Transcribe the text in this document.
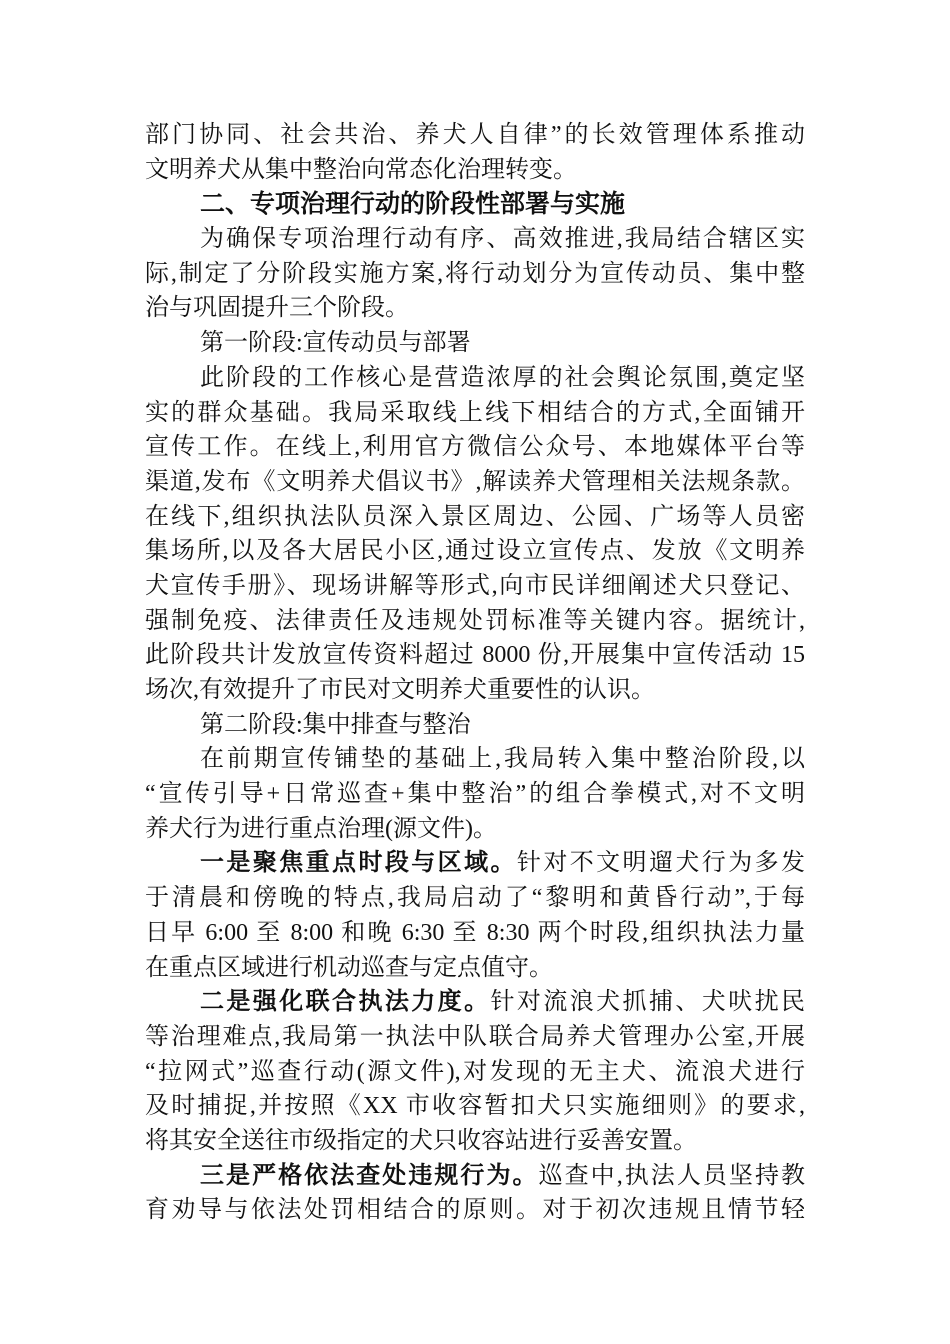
部门协同、社会共治、养犬人自律”的长效管理体系推动
文明养犬从集中整治向常态化治理转变。
二、专项治理行动的阶段性部署与实施
为确保专项治理行动有序、高效推进,我局结合辖区实
际,制定了分阶段实施方案,将行动划分为宣传动员、集中整
治与巩固提升三个阶段。
第一阶段:宣传动员与部署
此阶段的工作核心是营造浓厚的社会舆论氛围,奠定坚
实的群众基础。我局采取线上线下相结合的方式,全面铺开
宣传工作。在线上,利用官方微信公众号、本地媒体平台等
渠道,发布《文明养犬倡议书》,解读养犬管理相关法规条款。
在线下,组织执法队员深入景区周边、公园、广场等人员密
集场所,以及各大居民小区,通过设立宣传点、发放《文明养
犬宣传手册》、现场讲解等形式,向市民详细阐述犬只登记、
强制免疫、法律责任及违规处罚标准等关键内容。据统计,
此阶段共计发放宣传资料超过 8000 份,开展集中宣传活动 15
场次,有效提升了市民对文明养犬重要性的认识。
第二阶段:集中排查与整治
在前期宣传铺垫的基础上,我局转入集中整治阶段,以
“宣传引导+日常巡查+集中整治”的组合拳模式,对不文明
养犬行为进行重点治理(源文件)。
一是聚焦重点时段与区域。针对不文明遛犬行为多发
于清晨和傍晚的特点,我局启动了“黎明和黄昏行动”,于每
日早 6:00 至 8:00 和晚 6:30 至 8:30 两个时段,组织执法力量
在重点区域进行机动巡查与定点值守。
二是强化联合执法力度。针对流浪犬抓捕、犬吠扰民
等治理难点,我局第一执法中队联合局养犬管理办公室,开展
“拉网式”巡查行动(源文件),对发现的无主犬、流浪犬进行
及时捕捉,并按照《XX 市收容暂扣犬只实施细则》的要求,
将其安全送往市级指定的犬只收容站进行妥善安置。
三是严格依法查处违规行为。巡查中,执法人员坚持教
育劝导与依法处罚相结合的原则。对于初次违规且情节轻
